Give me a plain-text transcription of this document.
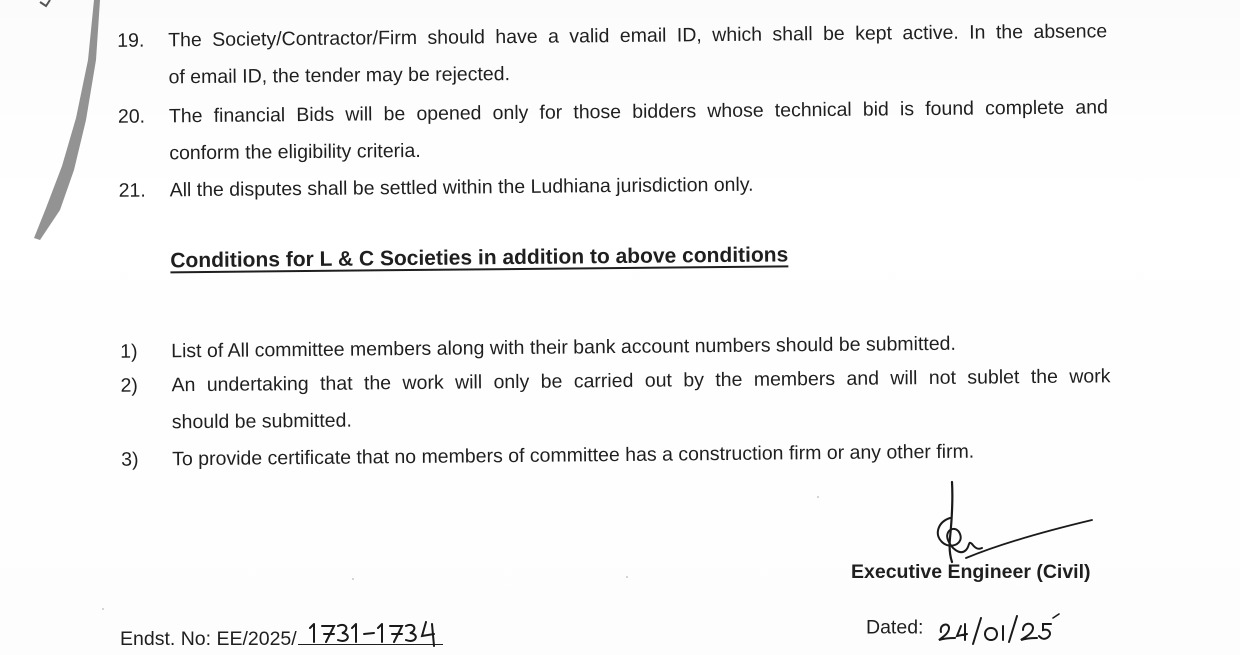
19.	The Society/Contractor/Firm should have a valid email ID, which shall be kept active. In the absence
of email ID, the tender may be rejected.
20.	The financial Bids will be opened only for those bidders whose technical bid is found complete and
conform the eligibility criteria.
21.	All the disputes shall be settled within the Ludhiana jurisdiction only.
Conditions for L & C Societies in addition to above conditions
1)	List of All committee members along with their bank account numbers should be submitted.
2)	An undertaking that the work will only be carried out by the members and will not sublet the work
should be submitted.
3)	To provide certificate that no members of committee has a construction firm or any other firm.
Executive Engineer (Civil)
Dated:
Endst. No: EE/2025/
